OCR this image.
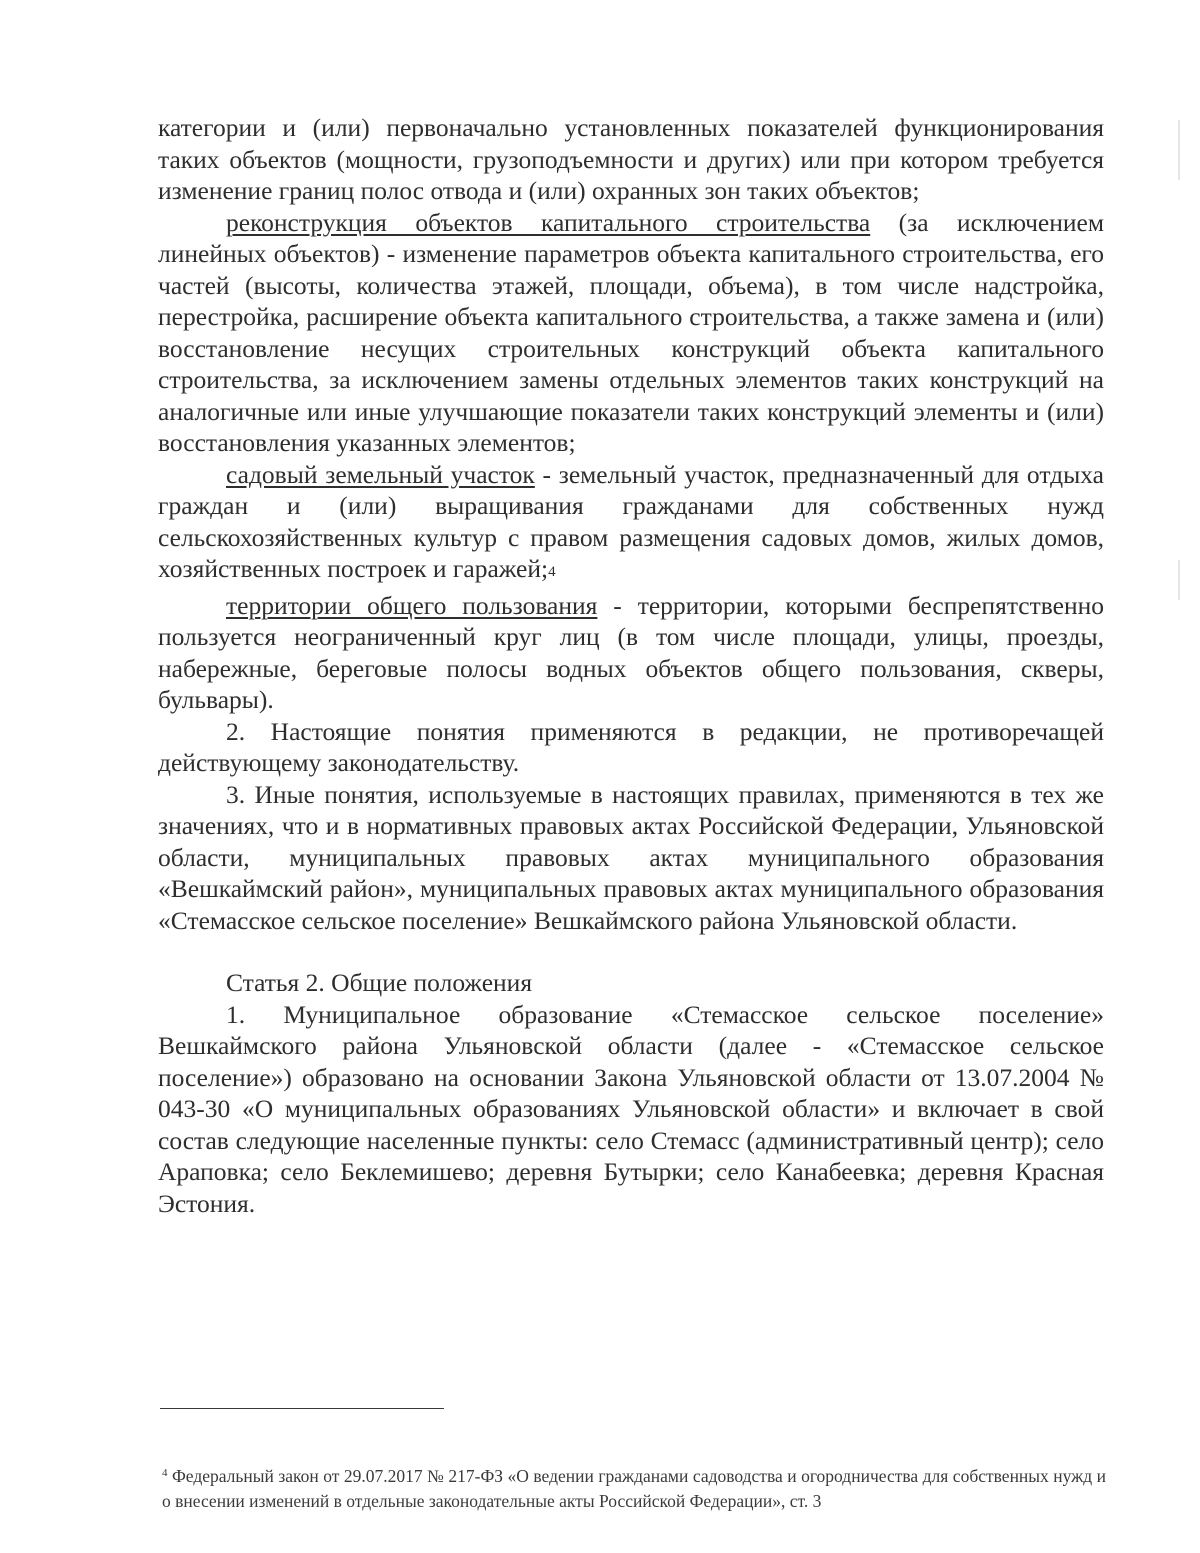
категории и (или) первоначально установленных показателей функционирования таких объектов (мощности, грузоподъемности и других) или при котором требуется изменение границ полос отвода и (или) охранных зон таких объектов;

реконструкция объектов капитального строительства (за исключением линейных объектов) - изменение параметров объекта капитального строительства, его частей (высоты, количества этажей, площади, объема), в том числе надстройка, перестройка, расширение объекта капитального строительства, а также замена и (или) восстановление несущих строительных конструкций объекта капитального строительства, за исключением замены отдельных элементов таких конструкций на аналогичные или иные улучшающие показатели таких конструкций элементы и (или) восстановления указанных элементов;

садовый земельный участок - земельный участок, предназначенный для отдыха граждан и (или) выращивания гражданами для собственных нужд сельскохозяйственных культур с правом размещения садовых домов, жилых домов, хозяйственных построек и гаражей;$^4$

территории общего пользования - территории, которыми беспрепятственно пользуется неограниченный круг лиц (в том числе площади, улицы, проезды, набережные, береговые полосы водных объектов общего пользования, скверы, бульвары).

2. Настоящие понятия применяются в редакции, не противоречащей действующему законодательству.

3. Иные понятия, используемые в настоящих правилах, применяются в тех же значениях, что и в нормативных правовых актах Российской Федерации, Ульяновской области, муниципальных правовых актах муниципального образования «Вешкаймский район», муниципальных правовых актах муниципального образования «Стемасское сельское поселение» Вешкаймского района Ульяновской области.

Статья 2. Общие положения

1. Муниципальное образование «Стемасское сельское поселение» Вешкаймского района Ульяновской области (далее - «Стемасское сельское поселение») образовано на основании Закона Ульяновской области от 13.07.2004 № 043-30 «О муниципальных образованиях Ульяновской области» и включает в свой состав следующие населенные пункты: село Стемасс (административный центр); село Араповка; село Беклемишево; деревня Бутырки; село Канабеевка; деревня Красная Эстония.

$^4$ Федеральный закон от 29.07.2017 № 217-ФЗ «О ведении гражданами садоводства и огородничества для собственных нужд и о внесении изменений в отдельные законодательные акты Российской Федерации», ст. 3
